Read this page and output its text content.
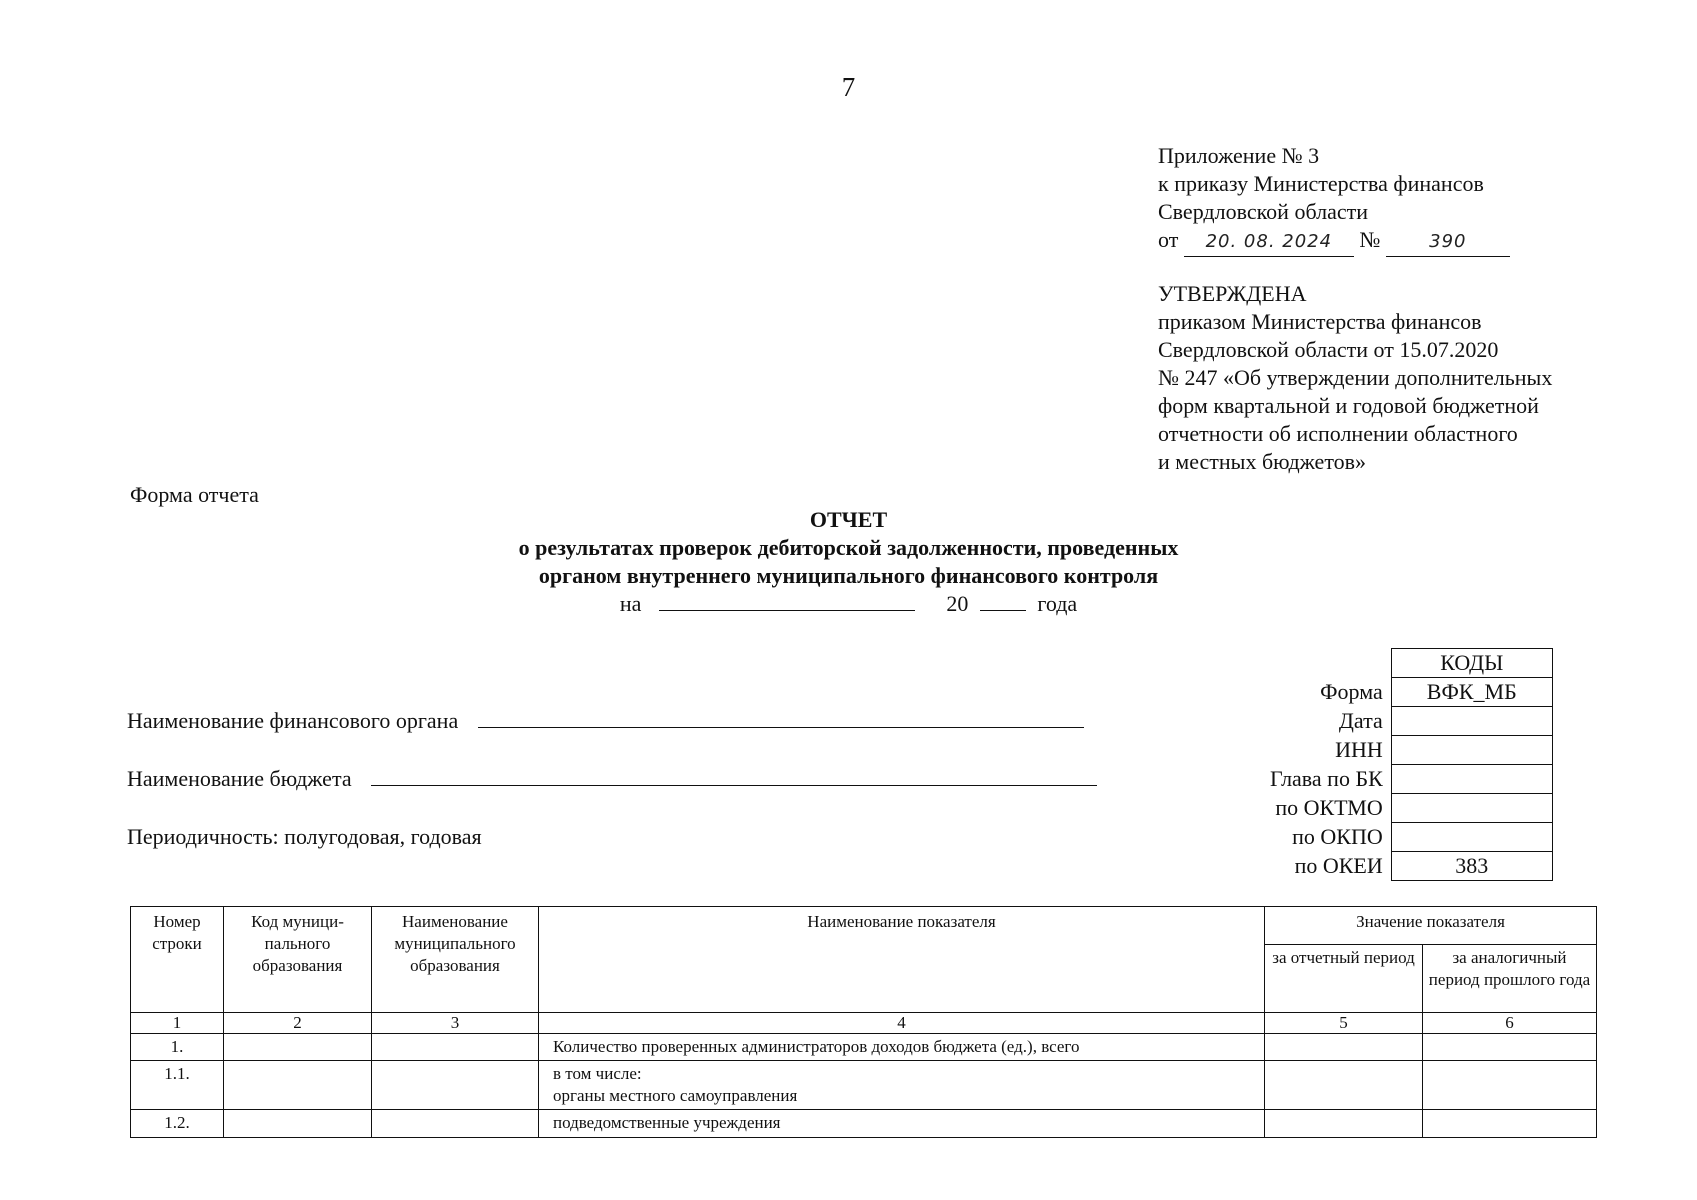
7
Приложение № 3
к приказу Министерства финансов
Свердловской области
от 20. 08. 2024 №	390
УТВЕРЖДЕНА
приказом Министерства финансов
Свердловской области от 15.07.2020
№ 247 «Об утверждении дополнительных
форм квартальной и годовой бюджетной
отчетности об исполнении областного
и местных бюджетов»
Форма отчета
ОТЧЕТ
о результатах проверок дебиторской задолженности, проведенных
органом внутреннего муниципального финансового контроля
на	20	года
Наименование финансового органа
Наименование бюджета
Периодичность: полугодовая, годовая
	КОДЫ
Форма	ВФК_МБ
Дата	
ИНН	
Глава по БК	
по ОКТМО	
по ОКПО	
по ОКЕИ	383
Номер строки	Код муници-пального образования	Наименование муниципального образования	Наименование показателя	Значение показателя	
				за отчетный период	за аналогичный период прошлого года
1	2	3	4	5	6
1.			Количество проверенных администраторов доходов бюджета (ед.), всего		
1.1.			в том числе:
органы местного самоуправления		

1.2.			подведомственные учреждения		
